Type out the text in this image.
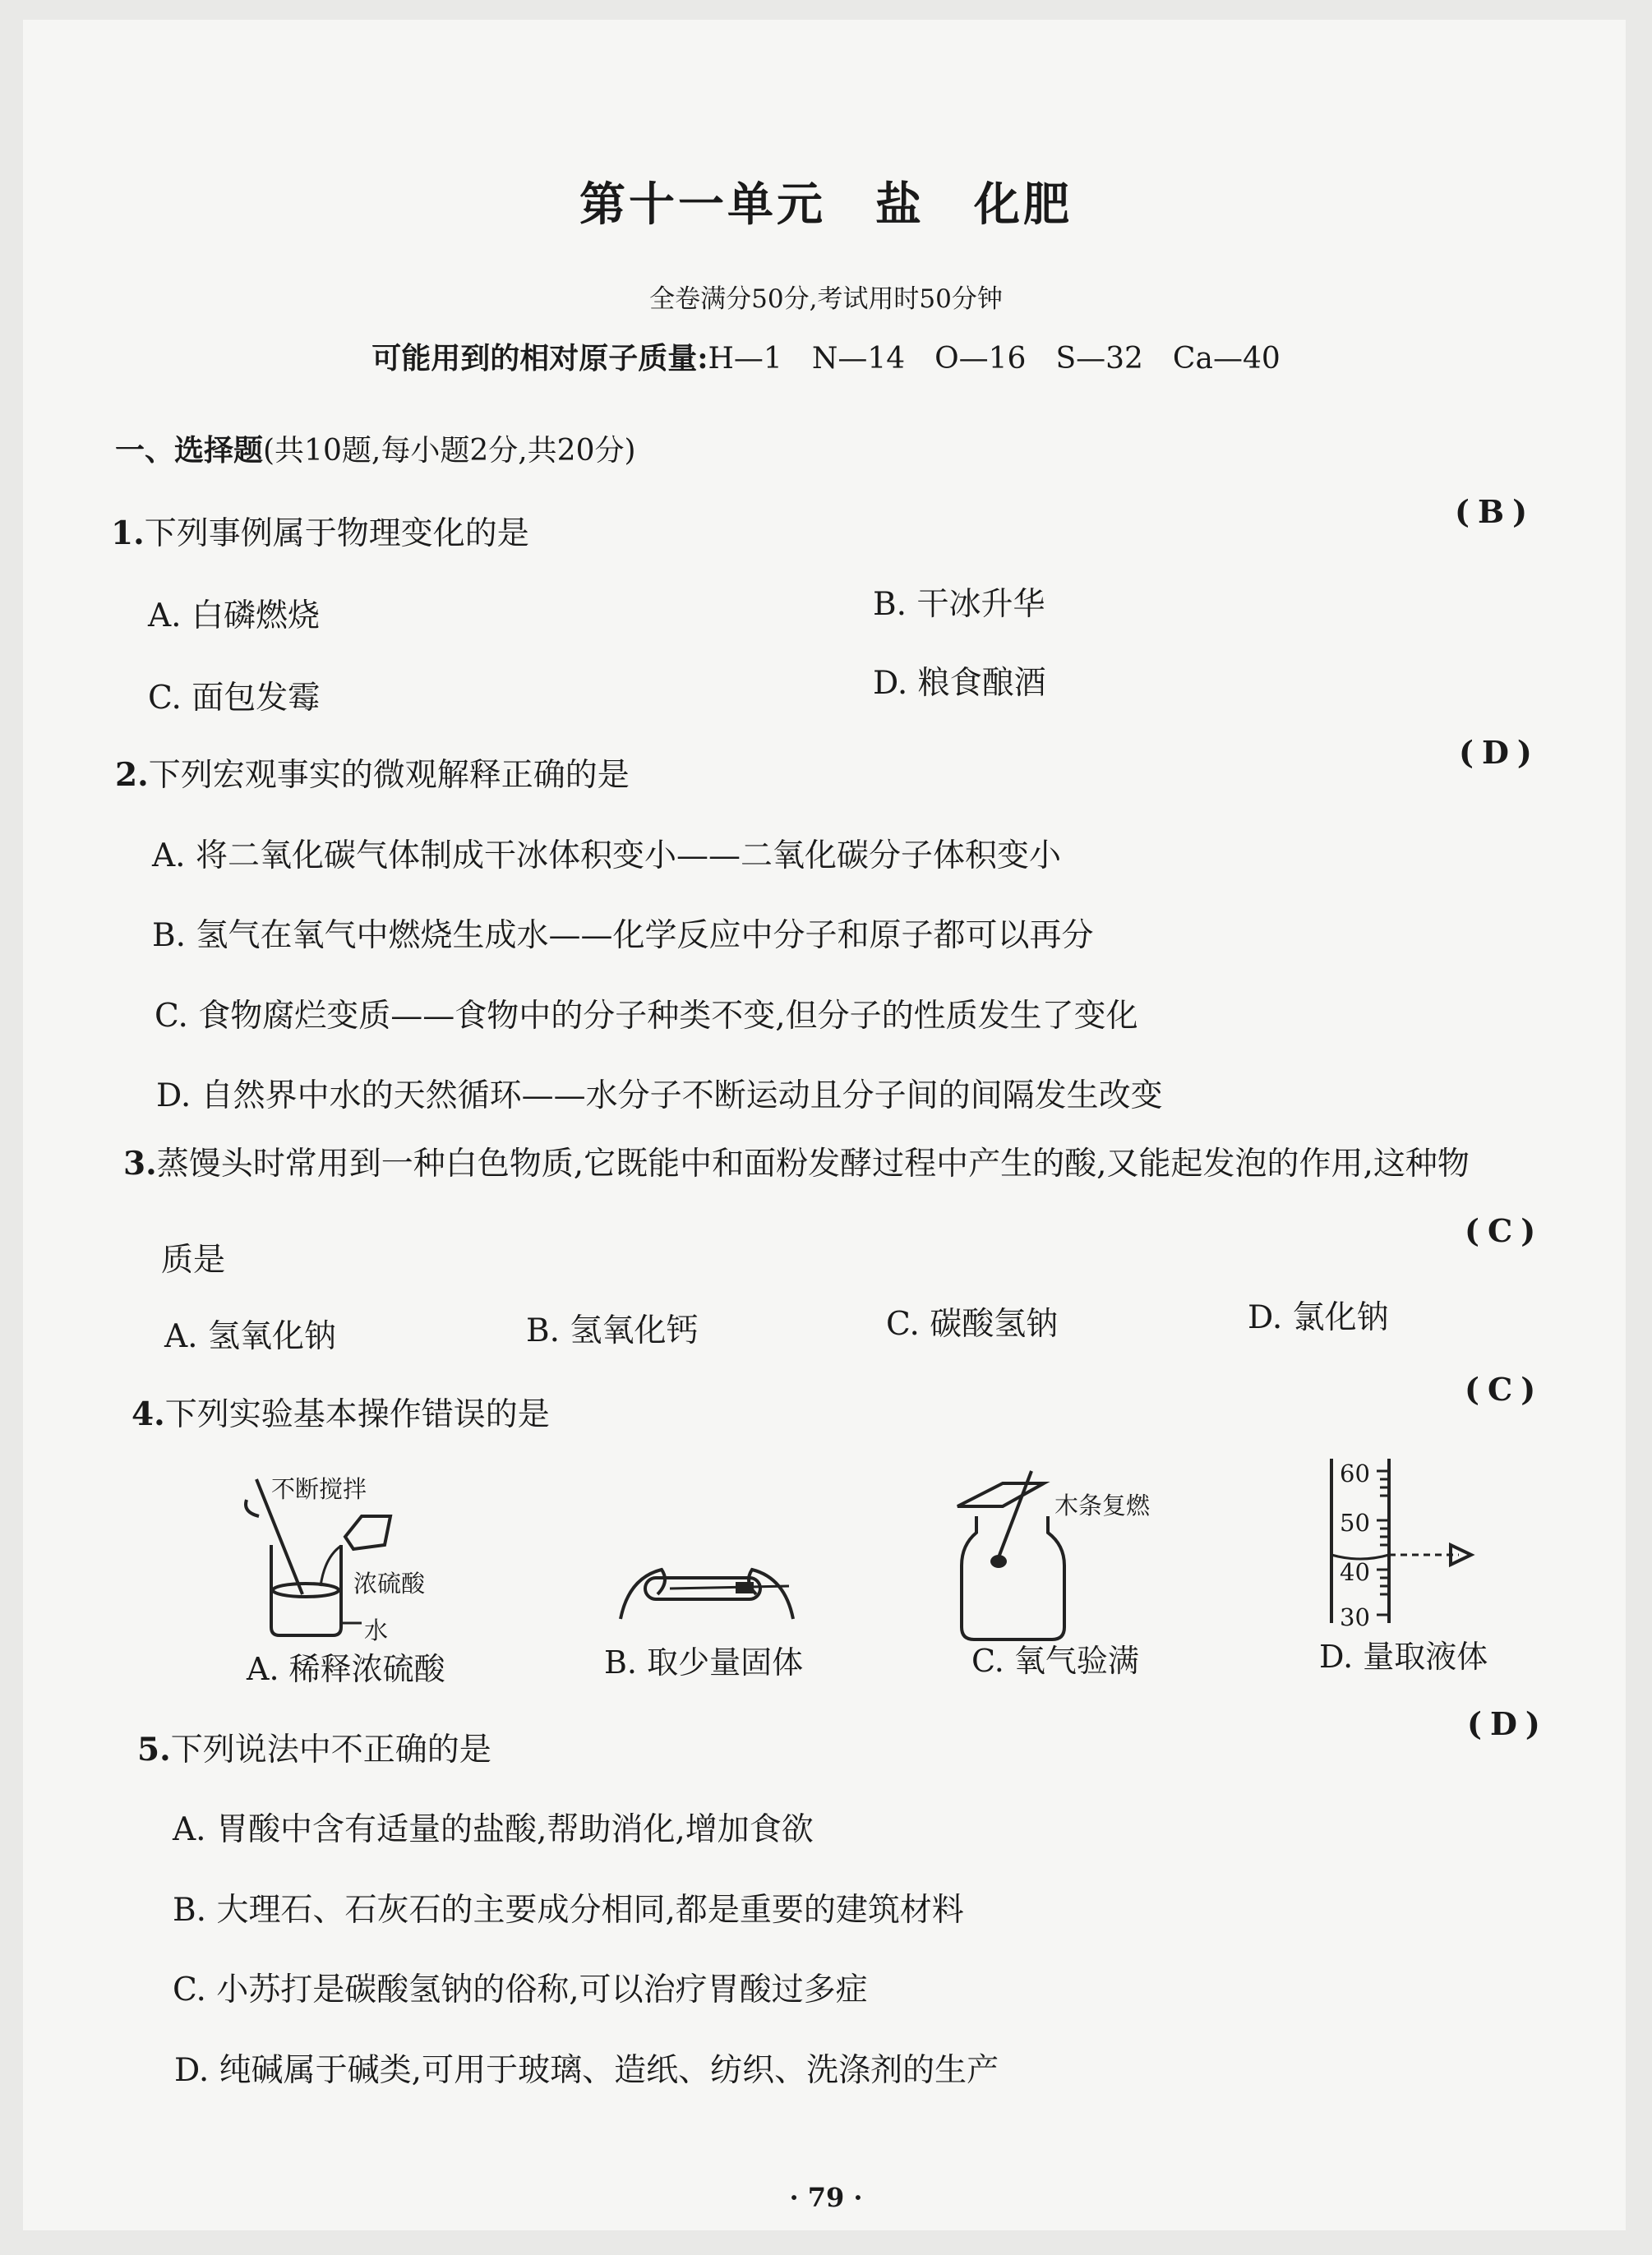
第十一单元　盐　化肥
全卷满分50分,考试用时50分钟
可能用到的相对原子质量:H—1　N—14　O—16　S—32　Ca—40
一、选择题(共10题,每小题2分,共20分)
1.下列事例属于物理变化的是
(B)
A. 白磷燃烧	B. 干冰升华
C. 面包发霉	D. 粮食酿酒
2.下列宏观事实的微观解释正确的是
(D)
A. 将二氧化碳气体制成干冰体积变小——二氧化碳分子体积变小
B. 氢气在氧气中燃烧生成水——化学反应中分子和原子都可以再分
C. 食物腐烂变质——食物中的分子种类不变,但分子的性质发生了变化
D. 自然界中水的天然循环——水分子不断运动且分子间的间隔发生改变
3.蒸馒头时常用到一种白色物质,它既能中和面粉发酵过程中产生的酸,又能起发泡的作用,这种物
质是
(C)
A. 氢氧化钠	B. 氢氧化钙	C. 碳酸氢钠	D. 氯化钠
4.下列实验基本操作错误的是
(C)
不断搅拌
浓硫酸
水
A. 稀释浓硫酸	B. 取少量固体
木条复燃
C. 氧气验满
60
50
40
30
D. 量取液体
5.下列说法中不正确的是
(D)
A. 胃酸中含有适量的盐酸,帮助消化,增加食欲
B. 大理石、石灰石的主要成分相同,都是重要的建筑材料
C. 小苏打是碳酸氢钠的俗称,可以治疗胃酸过多症
D. 纯碱属于碱类,可用于玻璃、造纸、纺织、洗涤剂的生产
· 79 ·
